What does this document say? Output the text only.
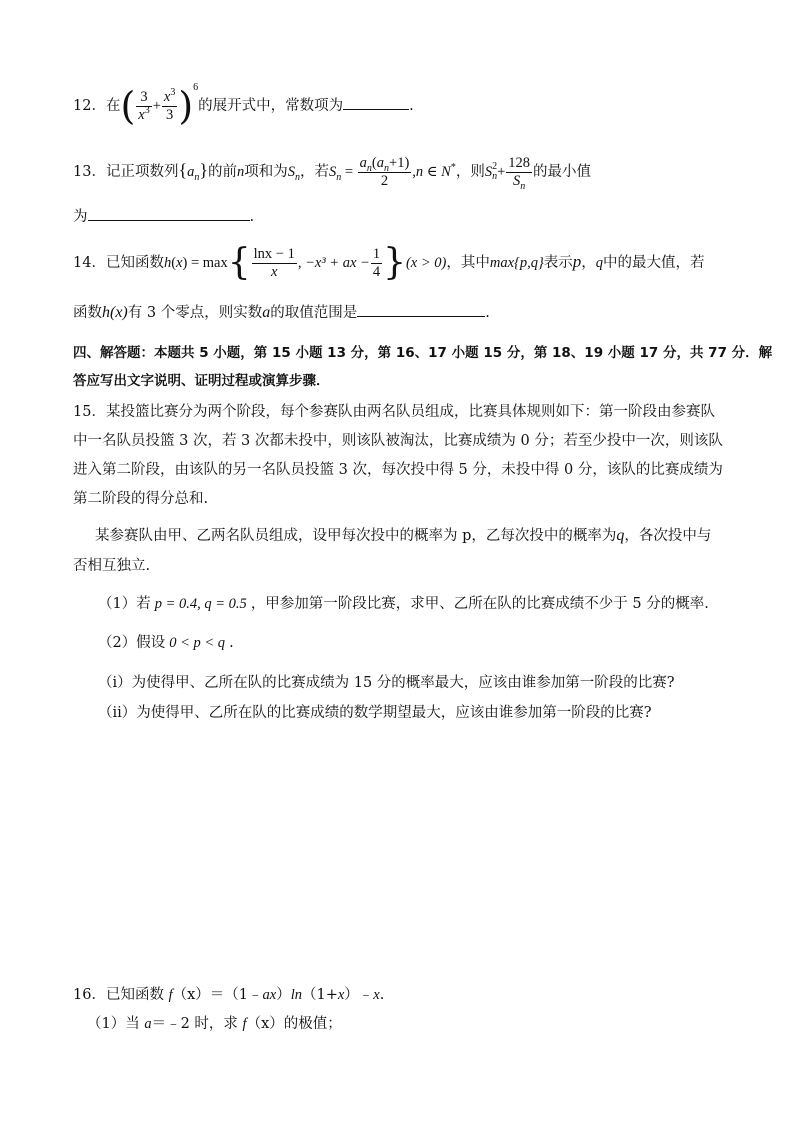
12．在( $\frac{3}{x^3} + \frac{x^3}{3} )^6$的展开式中，常数项为	.
13．记正项数列$\{a_n\}$的前n项和为$S_n$，若$S_n = \frac{a_n(a_n+1)}{2} ,n$ ∈ N*，则S 2
$n + \frac{128}{S_n}$ 的最小值
为	.
14．已知函数$h(x) = \max\{ \frac{\ln x - 1}{x}$ , −x³ + ax − $\frac{1}{4} \}(x > 0)$，其中max{p,q}表示p，q中的最大值，若
函数h(x)有 3 个零点，则实数a的取值范围是	.
四、解答题：本题共 5 小题，第 15 小题 13 分，第 16、17 小题 15 分，第 18、19 小题 17 分，共 77 分．解
答应写出文字说明、证明过程或演算步骤．
15．某投篮比赛分为两个阶段，每个参赛队由两名队员组成，比赛具体规则如下：第一阶段由参赛队
中一名队员投篮 3 次，若 3 次都未投中，则该队被淘汰，比赛成绩为 0 分；若至少投中一次，则该队
进入第二阶段，由该队的另一名队员投篮 3 次，每次投中得 5 分，未投中得 0 分，该队的比赛成绩为
第二阶段的得分总和.
某参赛队由甲、乙两名队员组成，设甲每次投中的概率为 p，乙每次投中的概率为q，各次投中与
否相互独立.
（1）若 p = 0.4, q = 0.5 ，甲参加第一阶段比赛，求甲、乙所在队的比赛成绩不少于 5 分的概率.
（2）假设 0 < p < q .
（ⅰ）为使得甲、乙所在队的比赛成绩为 15 分的概率最大，应该由谁参加第一阶段的比赛?
（ⅱ）为使得甲、乙所在队的比赛成绩的数学期望最大，应该由谁参加第一阶段的比赛?
16．已知函数 f（x）＝（1﹣ax）ln（1+x）﹣x.
（1）当 a＝﹣2 时，求 f（x）的极值；
